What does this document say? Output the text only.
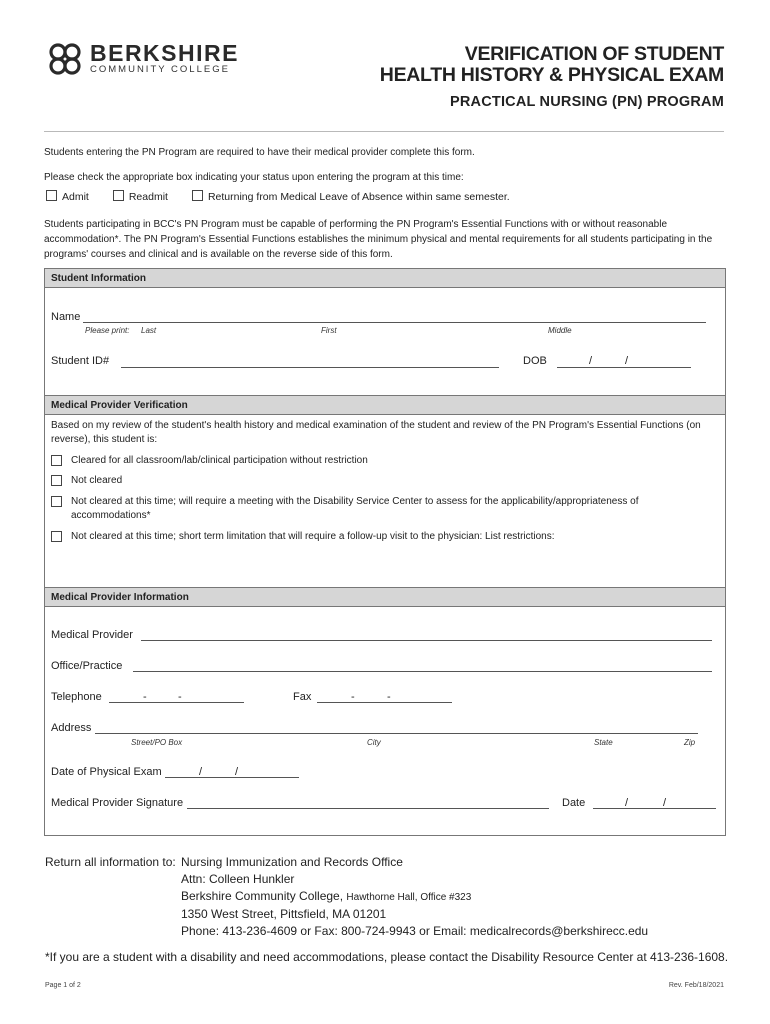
BERKSHIRE
COMMUNITY COLLEGE
VERIFICATION OF STUDENT
HEALTH HISTORY & PHYSICAL EXAM
PRACTICAL NURSING (PN) PROGRAM
Students entering the PN Program are required to have their medical provider complete this form.
Please check the appropriate box indicating your status upon entering the program at this time:
Admit	Readmit	Returning from Medical Leave of Absence within same semester.
Students participating in BCC's PN Program must be capable of performing the PN Program's Essential Functions with or without reasonable accommodation*. The PN Program's Essential Functions establishes the minimum physical and mental requirements for all students participating in the programs' courses and clinical and is available on the reverse side of this form.
Student Information
Name
Please print: Last	First	Middle
Student ID#	DOB	/	/
Medical Provider Verification
Based on my review of the student's health history and medical examination of the student and review of the PN Program's Essential Functions (on reverse), this student is:
Cleared for all classroom/lab/clinical participation without restriction
Not cleared
Not cleared at this time; will require a meeting with the Disability Service Center to assess for the applicability/appropriateness of accommodations*
Not cleared at this time; short term limitation that will require a follow-up visit to the physician: List restrictions:
Medical Provider Information
Medical Provider
Office/Practice
Telephone	-	-	Fax	-	-
Address
Street/PO Box	City	State	Zip
Date of Physical Exam	/	/
Medical Provider Signature	Date	/	/
Return all information to: Nursing Immunization and Records Office
Attn: Colleen Hunkler
Berkshire Community College, Hawthorne Hall, Office #323
1350 West Street, Pittsfield, MA 01201
Phone: 413-236-4609 or Fax: 800-724-9943 or Email: medicalrecords@berkshirecc.edu
*If you are a student with a disability and need accommodations, please contact the Disability Resource Center at 413-236-1608.
Page 1 of 2	Rev. Feb/18/2021
